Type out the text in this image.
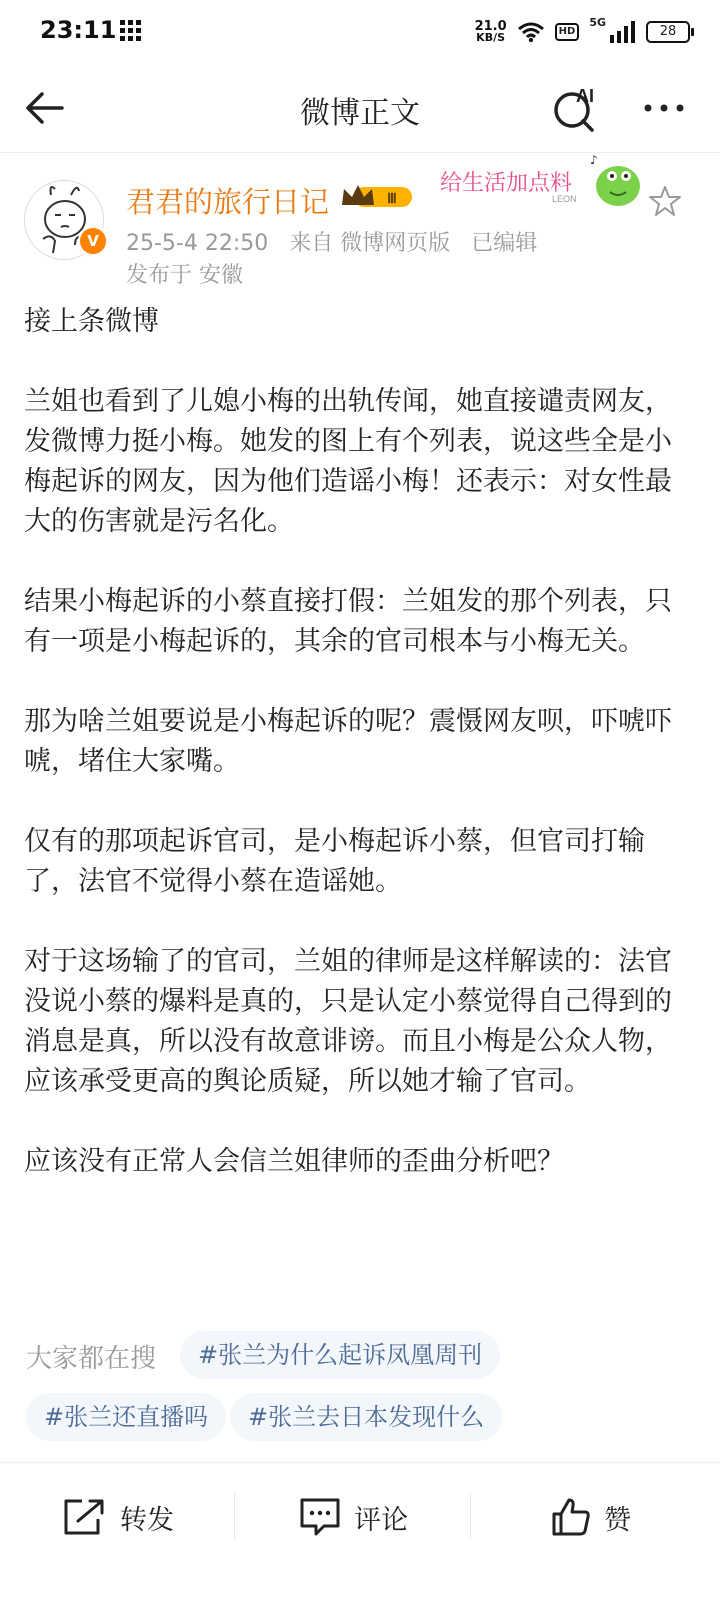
23:11	21.0
KB/S	HD
5G
28
微博正文	AI
V
君君的旅行日记	Ⅲ
25-5-4 22:50 来自 微博网页版 已编辑
发布于 安徽
给生活加点料
LEON
♪

接上条微博

兰姐也看到了儿媳小梅的出轨传闻，她直接谴责网友，发微博力挺小梅。她发的图上有个列表，说这些全是小梅起诉的网友，因为他们造谣小梅！还表示：对女性最大的伤害就是污名化。

结果小梅起诉的小蔡直接打假：兰姐发的那个列表，只有一项是小梅起诉的，其余的官司根本与小梅无关。

那为啥兰姐要说是小梅起诉的呢？震慑网友呗，吓唬吓唬，堵住大家嘴。

仅有的那项起诉官司，是小梅起诉小蔡，但官司打输了，法官不觉得小蔡在造谣她。

对于这场输了的官司，兰姐的律师是这样解读的：法官没说小蔡的爆料是真的，只是认定小蔡觉得自己得到的消息是真，所以没有故意诽谤。而且小梅是公众人物，应该承受更高的舆论质疑，所以她才输了官司。

应该没有正常人会信兰姐律师的歪曲分析吧？

大家都在搜	#张兰为什么起诉凤凰周刊
#张兰还直播吗	#张兰去日本发现什么
转发	评论	赞
